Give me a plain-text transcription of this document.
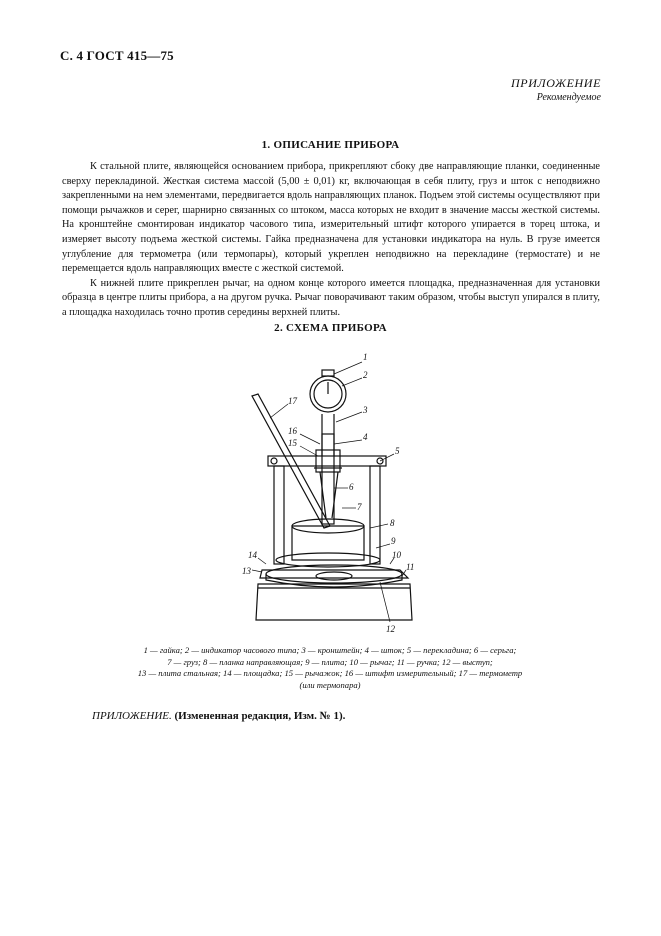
С. 4 ГОСТ 415—75
ПРИЛОЖЕНИЕ
Рекомендуемое
1. ОПИСАНИЕ ПРИБОРА

К стальной плите, являющейся основанием прибора, прикрепляют сбоку две направляющие планки, соединенные сверху перекладиной. Жесткая система массой (5,00 ± 0,01) кг, включающая в себя плиту, груз и шток с неподвижно закрепленными на нем элементами, передвигается вдоль направляющих планок. Подъем этой системы осуществляют при помощи рычажков и серег, шарнирно связанных со штоком, масса которых не входит в значение массы жесткой системы. На кронштейне смонтирован индикатор часового типа, измерительный штифт которого упирается в торец штока, и измеряет высоту подъема жесткой системы. Гайка предназначена для установки индикатора на нуль. В грузе имеется углубление для термометра (или термопары), который укреплен неподвижно на перекладине (термостате) и не перемещается вдоль направляющих вместе с жесткой системой.

К нижней плите прикреплен рычаг, на одном конце которого имеется площадка, предназначенная для установки образца в центре плиты прибора, а на другом ручка. Рычаг поворачивают таким образом, чтобы выступ упирался в плиту, а площадка находилась точно против середины верхней плиты.

2. СХЕМА ПРИБОРА
1
2
3
4
5
6
7
8
9
10
11
12
13
14
15
16
17
1 — гайка; 2 — индикатор часового типа; 3 — кронштейн; 4 — шток; 5 — перекладина; 6 — серьга;
7 — груз; 8 — планка направляющая; 9 — плита; 10 — рычаг; 11 — ручка; 12 — выступ;
13 — плита стальная; 14 — площадка; 15 — рычажок; 16 — штифт измерительный; 17 — термометр
(или термопара)
ПРИЛОЖЕНИЕ. (Измененная редакция, Изм. № 1).
